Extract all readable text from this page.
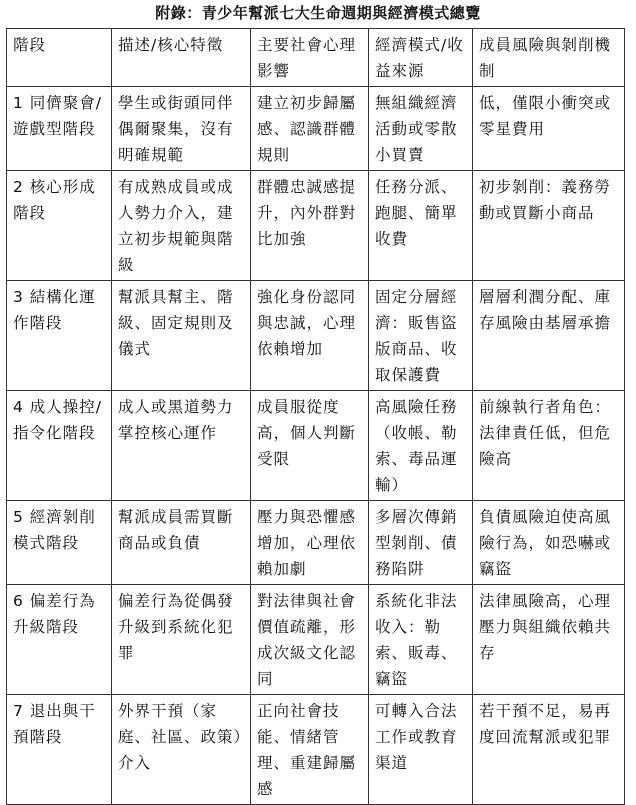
附錄：青少年幫派七大生命週期與經濟模式總覽
階段	描述/核心特徵	主要社會心理影響	經濟模式/收益來源	成員風險與剝削機制
1 同儕聚會/遊戲型階段	學生或街頭同伴偶爾聚集，沒有明確規範	建立初步歸屬感、認識群體規則	無組織經濟活動或零散小買賣	低，僅限小衝突或零星費用
2 核心形成階段	有成熟成員或成人勢力介入，建立初步規範與階級	群體忠誠感提升，內外群對比加強	任務分派、跑腿、簡單收費	初步剝削：義務勞動或買斷小商品
3 結構化運作階段	幫派具幫主、階級、固定規則及儀式	強化身份認同與忠誠，心理依賴增加	固定分層經濟：販售盜版商品、收取保護費	層層利潤分配、庫存風險由基層承擔
4 成人操控/指令化階段	成人或黑道勢力掌控核心運作	成員服從度高，個人判斷受限	高風險任務（收帳、勒索、毒品運輸）	前線執行者角色：法律責任低，但危險高
5 經濟剝削模式階段	幫派成員需買斷商品或負債	壓力與恐懼感增加，心理依賴加劇	多層次傳銷型剝削、債務陷阱	負債風險迫使高風險行為，如恐嚇或竊盜
6 偏差行為升級階段	偏差行為從偶發升級到系統化犯罪	對法律與社會價值疏離，形成次級文化認同	系統化非法收入：勒索、販毒、竊盜	法律風險高，心理壓力與組織依賴共存
7 退出與干預階段	外界干預（家庭、社區、政策）介入	正向社會技能、情緒管理、重建歸屬感	可轉入合法工作或教育渠道	若干預不足，易再度回流幫派或犯罪
